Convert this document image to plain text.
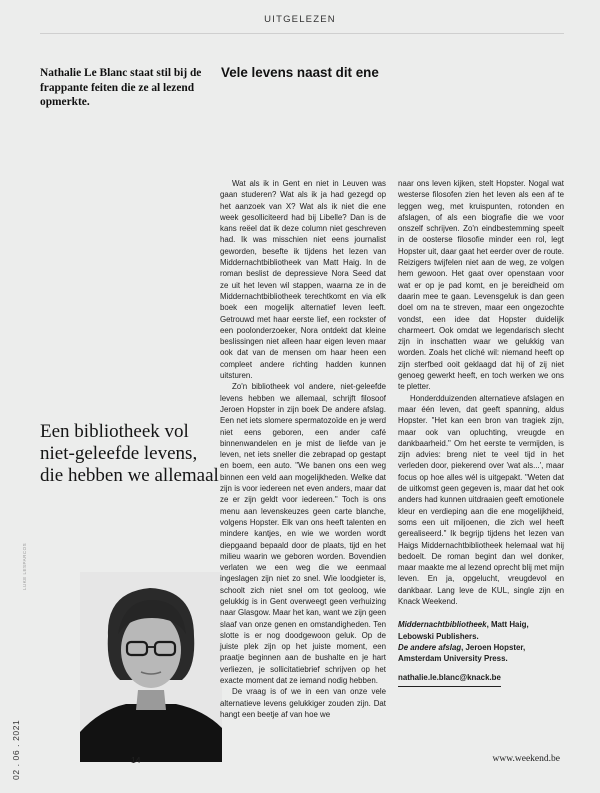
UITGELEZEN
Nathalie Le Blanc staat stil bij de frappante feiten die ze al lezend opmerkte.
Vele levens naast dit ene
Een bibliotheek vol niet-geleefde levens, die hebben we allemaal
LUKE LESPARCOS
02 . 06 . 2021

Wat als ik in Gent en niet in Leuven was gaan studeren? Wat als ik ja had gezegd op het aanzoek van X? Wat als ik niet die ene week gesolliciteerd had bij Libelle? Dan is de kans reëel dat ik deze column niet geschreven had. Ik was misschien niet eens journalist geworden, besefte ik tijdens het lezen van Middernachtbibliotheek van Matt Haig. In de roman beslist de depressieve Nora Seed dat ze uit het leven wil stappen, waarna ze in de Middernachtbibliotheek terechtkomt en via elk boek een mogelijk alternatief leven leeft. Getrouwd met haar eerste lief, een rockster of een poolonderzoeker, Nora ontdekt dat kleine beslissingen niet alleen haar eigen leven maar ook dat van de mensen om haar heen een compleet andere richting hadden kunnen uitsturen.

Zo'n bibliotheek vol andere, niet-geleefde levens hebben we allemaal, schrijft filosoof Jeroen Hopster in zijn boek De andere afslag. Een net iets slomere spermatozoïde en je werd niet eens geboren, een ander café binnenwandelen en je mist de liefde van je leven, net iets sneller die zebrapad op gestapt en boem, een auto. "We banen ons een weg binnen een veld aan mogelijkheden. Welke dat zijn is voor iedereen net even anders, maar dat ze er zijn geldt voor iedereen." Toch is ons menu aan levenskeuzes geen carte blanche, volgens Hopster. Elk van ons heeft talenten en mindere kantjes, en wie we worden wordt diepgaand bepaald door de plaats, tijd en het milieu waarin we geboren worden. Bovendien verlaten we een weg die we eenmaal ingeslagen zijn niet zo snel. Wie loodgieter is, schoolt zich niet snel om tot geoloog, wie gelukkig is in Gent overweegt geen verhuizing naar Glasgow. Maar het kan, want we zijn geen slaaf van onze genen en omstandigheden. Ten slotte is er nog doodgewoon geluk. Op de juiste plek zijn op het juiste moment, een praatje beginnen aan de bushalte en je hart verliezen, je sollicitatiebrief schrijven op het exacte moment dat ze iemand nodig hebben.

De vraag is of we in een van onze vele alternatieve levens gelukkiger zouden zijn. Dat hangt een beetje af van hoe we

naar ons leven kijken, stelt Hopster. Nogal wat westerse filosofen zien het leven als een af te leggen weg, met kruispunten, rotonden en afslagen, of als een biografie die we voor onszelf schrijven. Zo'n eindbestemming speelt in de oosterse filosofie minder een rol, legt Hopster uit, daar gaat het eerder over de route. Reizigers twijfelen niet aan de weg, ze volgen hem gewoon. Het gaat over openstaan voor wat er op je pad komt, en je bereidheid om daarin mee te gaan. Levensgeluk is dan geen doel om na te streven, maar een ongezochte vondst, een idee dat Hopster duidelijk charmeert. Ook omdat we legendarisch slecht zijn in inschatten waar we gelukkig van worden. Zoals het cliché wil: niemand heeft op zijn sterfbed ooit geklaagd dat hij of zij niet genoeg gewerkt heeft, en toch werken we ons te pletter.

Honderdduizenden alternatieve afslagen en maar één leven, dat geeft spanning, aldus Hopster. "Het kan een bron van tragiek zijn, maar ook van opluchting, vreugde en dankbaarheid." Om het eerste te vermijden, is zijn advies: breng niet te veel tijd in het verleden door, piekerend over 'wat als...', maar focus op hoe alles wél is uitgepakt. "Weten dat de uitkomst geen gegeven is, maar dat het ook anders had kunnen uitdraaien geeft emotionele kleur en verdieping aan die ene mogelijkheid, soms een uit miljoenen, die zich wel heeft gerealiseerd." Ik begrijp tijdens het lezen van Haigs Middernachtbibliotheek helemaal wat hij bedoelt. De roman begint dan wel donker, maar maakte me al lezend oprecht blij met mijn leven. En ja, opgelucht, vreugdevol en dankbaar. Lang leve de KUL, single zijn en Knack Weekend.

Middernachtbibliotheek, Matt Haig, Lebowski Publishers.
De andere afslag, Jeroen Hopster, Amsterdam University Press.
nathalie.le.blanc@knack.be
14	www.weekend.be
